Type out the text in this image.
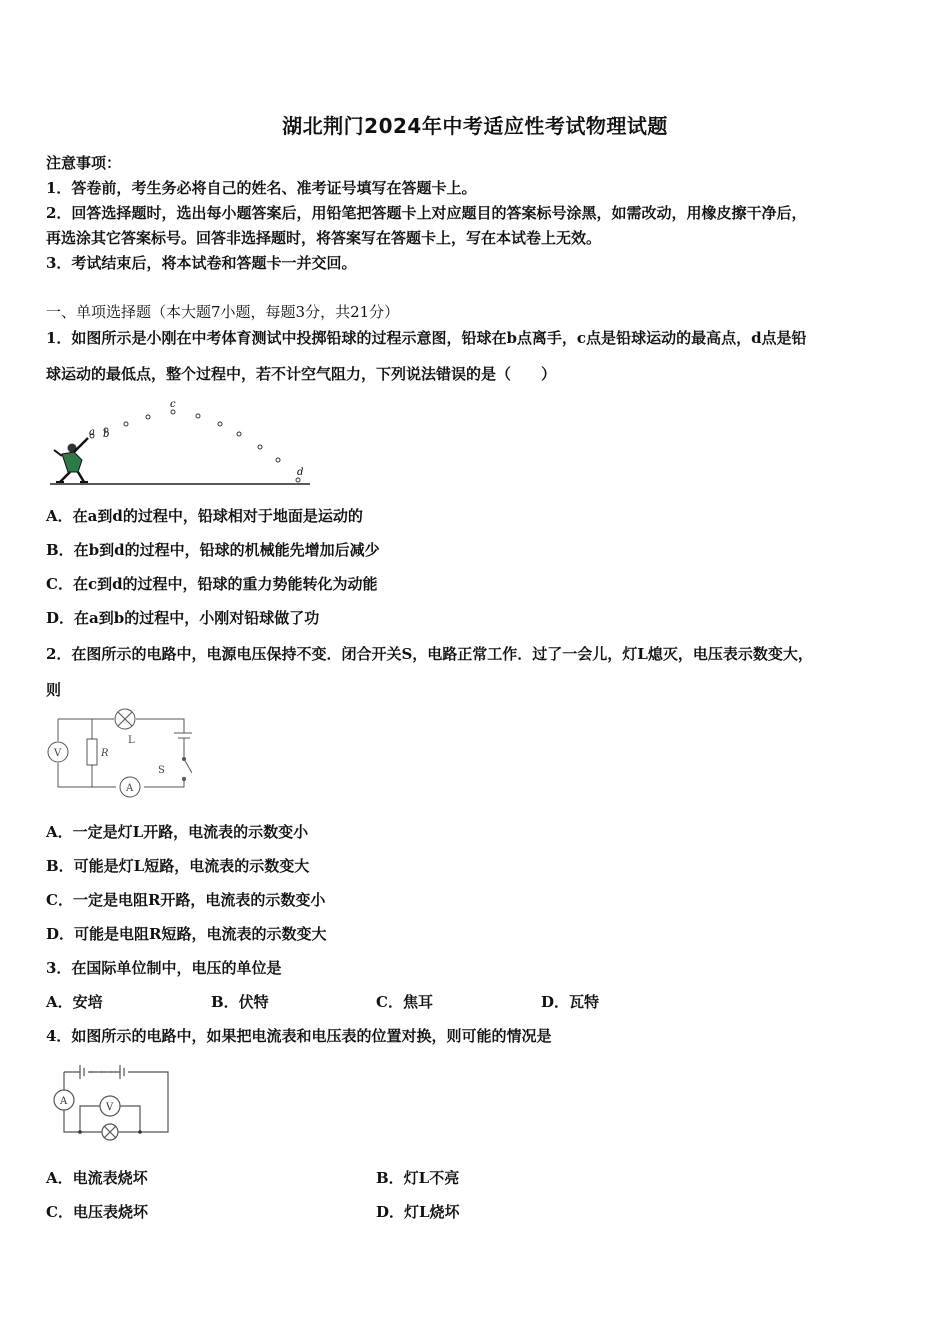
湖北荆门2024年中考适应性考试物理试题
注意事项：
1．答卷前，考生务必将自己的姓名、准考证号填写在答题卡上。
2．回答选择题时，选出每小题答案后，用铅笔把答题卡上对应题目的答案标号涂黑，如需改动，用橡皮擦干净后，
再选涂其它答案标号。回答非选择题时，将答案写在答题卡上，写在本试卷上无效。
3．考试结束后，将本试卷和答题卡一并交回。
一、单项选择题（本大题7小题，每题3分，共21分）
1．如图所示是小刚在中考体育测试中投掷铅球的过程示意图，铅球在b点离手，c点是铅球运动的最高点，d点是铅
球运动的最低点，整个过程中，若不计空气阻力，下列说法错误的是（　　）
a b
c
d
A．在a到d的过程中，铅球相对于地面是运动的
B．在b到d的过程中，铅球的机械能先增加后减少
C．在c到d的过程中，铅球的重力势能转化为动能
D．在a到b的过程中，小刚对铅球做了功
2．在图所示的电路中，电源电压保持不变．闭合开关S，电路正常工作．过了一会儿，灯L熄灭，电压表示数变大，
则
V	R
L
A
S
A．一定是灯L开路，电流表的示数变小
B．可能是灯L短路，电流表的示数变大
C．一定是电阻R开路，电流表的示数变小
D．可能是电阻R短路，电流表的示数变大
3．在国际单位制中，电压的单位是
A．安培	B．伏特	C．焦耳	D．瓦特
4．如图所示的电路中，如果把电流表和电压表的位置对换，则可能的情况是
A
V
A．电流表烧坏	B．灯L不亮
C．电压表烧坏	D．灯L烧坏
